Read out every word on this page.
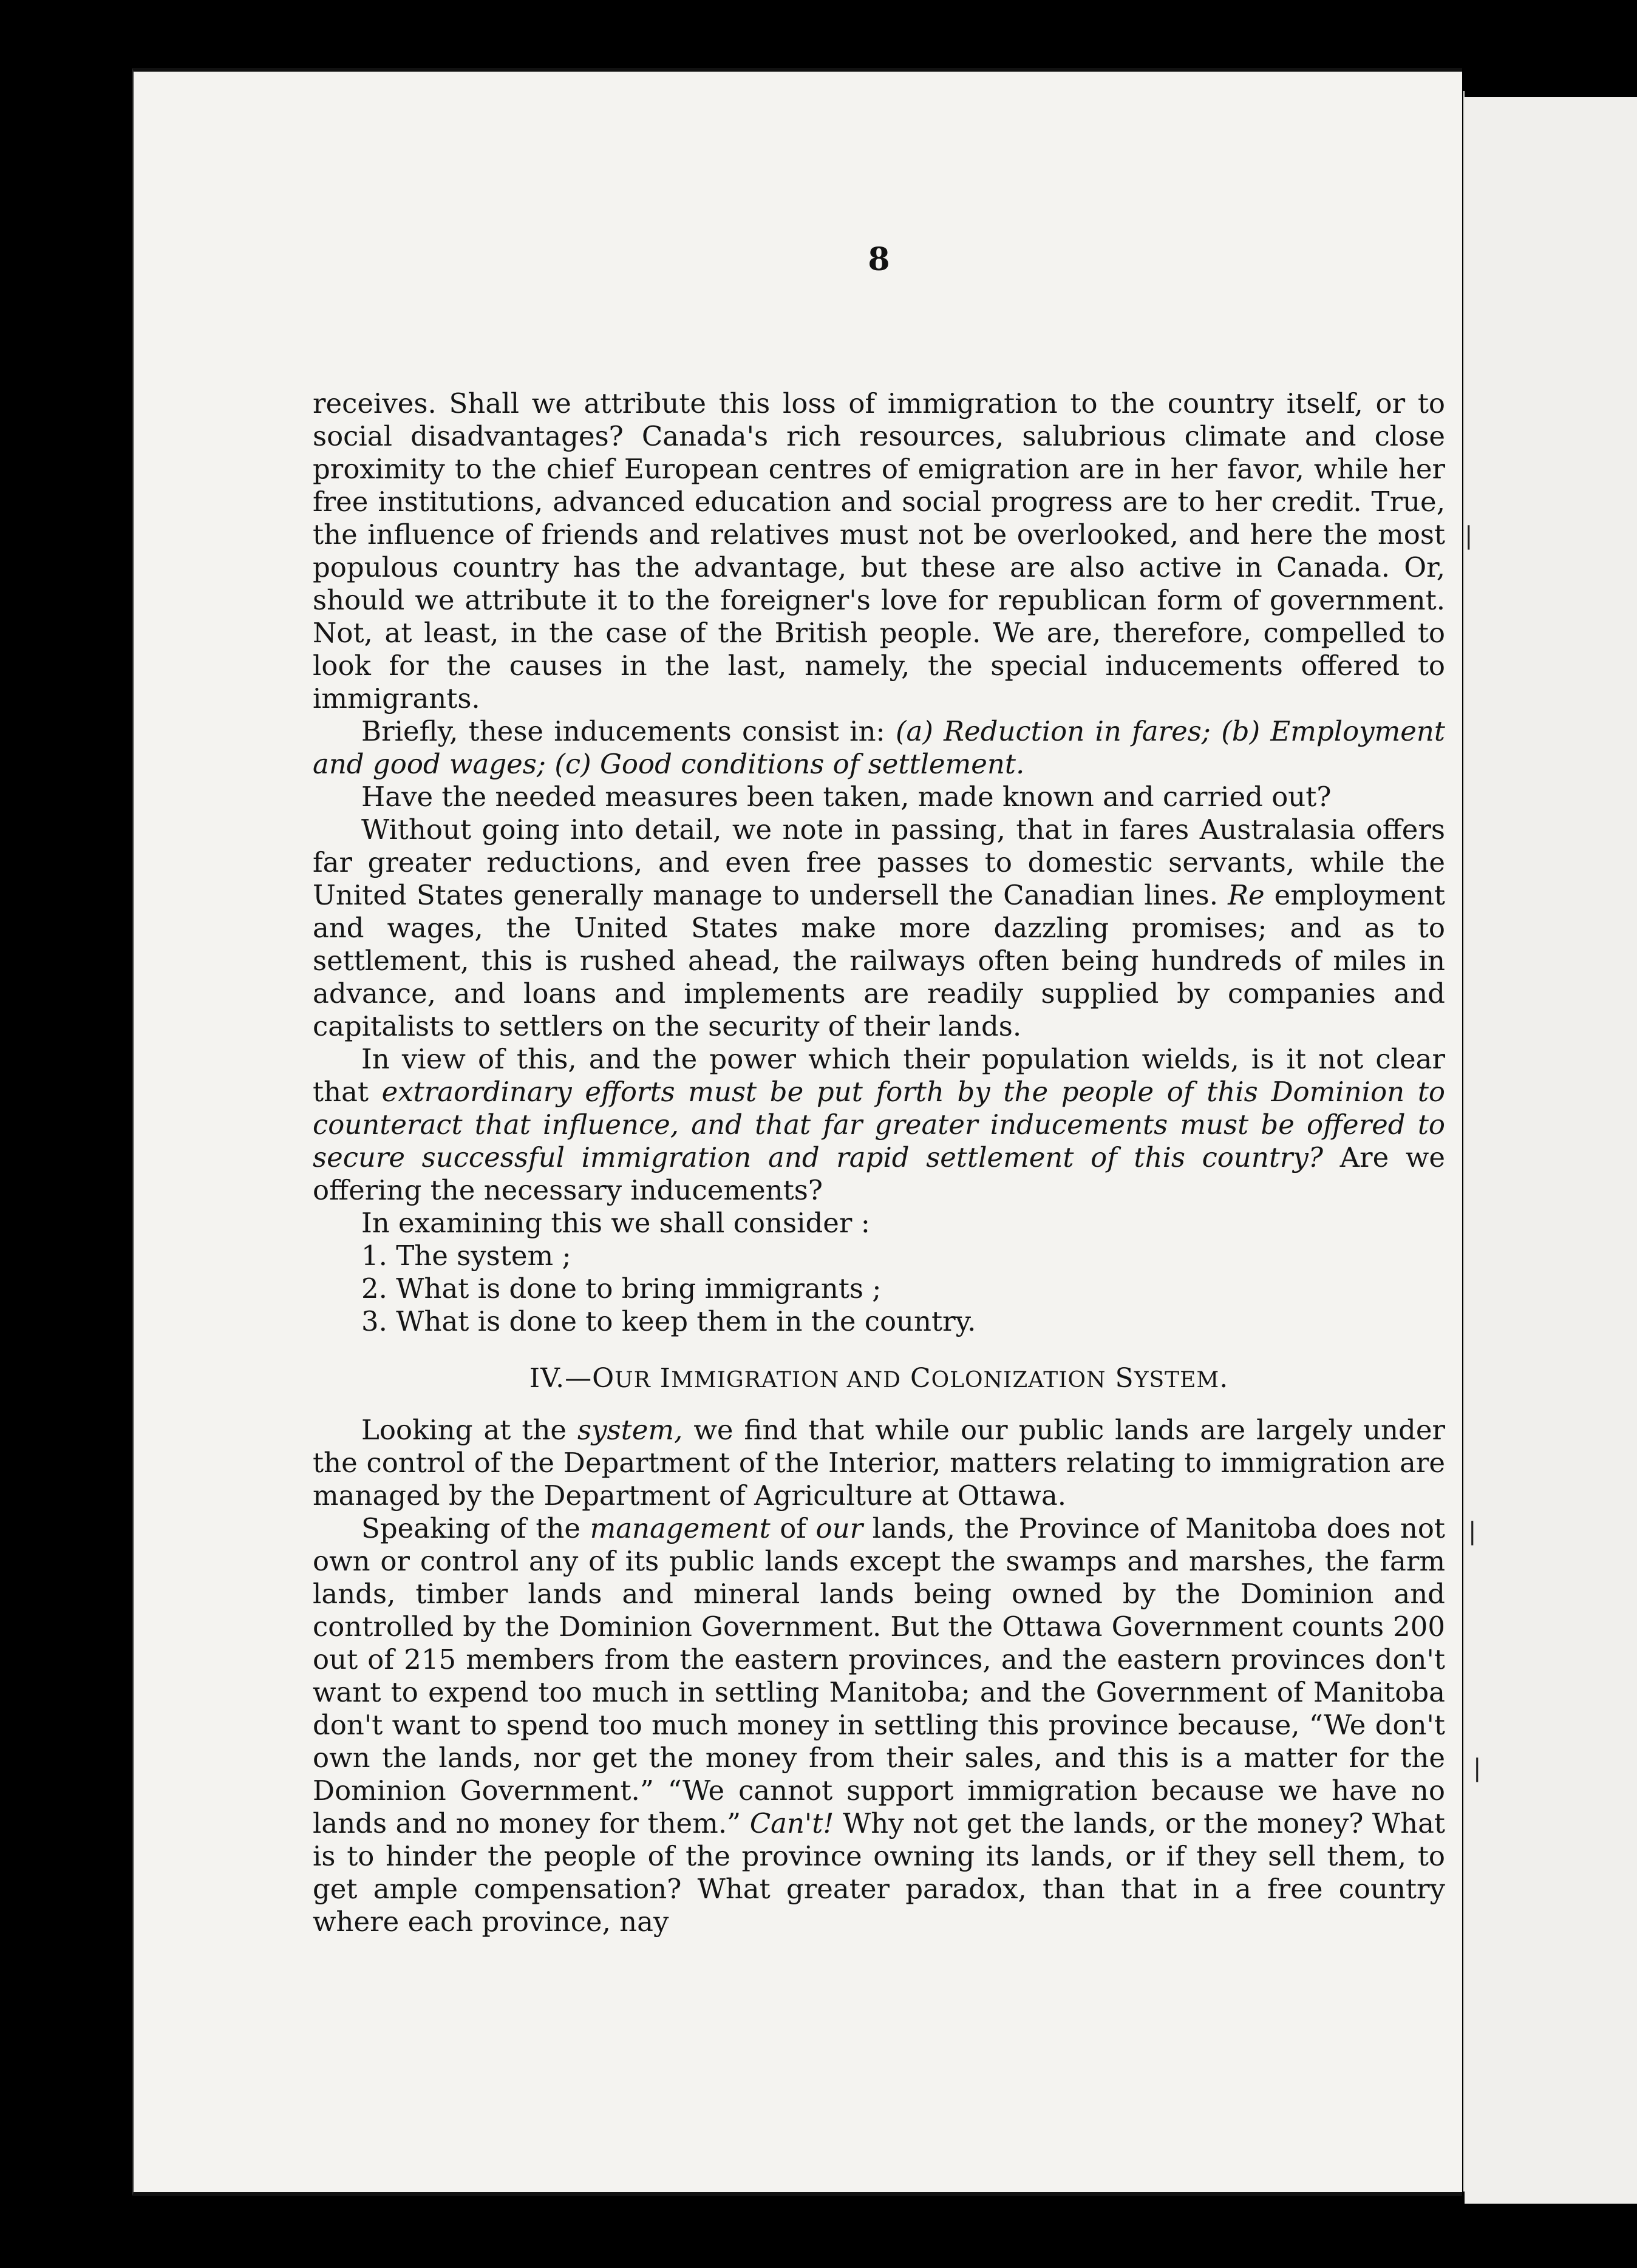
8

receives. Shall we attribute this loss of immigration to the country itself, or to social disadvantages? Canada's rich resources, salubrious climate and close proximity to the chief European centres of emigration are in her favor, while her free institutions, advanced education and social progress are to her credit. True, the influence of friends and relatives must not be overlooked, and here the most populous country has the advantage, but these are also active in Canada. Or, should we attribute it to the foreigner's love for republican form of government. Not, at least, in the case of the British people. We are, therefore, compelled to look for the causes in the last, namely, the special inducements offered to immigrants.

Briefly, these inducements consist in: (a) Reduction in fares; (b) Employment and good wages; (c) Good conditions of settlement.

Have the needed measures been taken, made known and carried out?

Without going into detail, we note in passing, that in fares Australasia offers far greater reductions, and even free passes to domestic servants, while the United States generally manage to undersell the Canadian lines. Re employment and wages, the United States make more dazzling promises; and as to settlement, this is rushed ahead, the railways often being hundreds of miles in advance, and loans and implements are readily supplied by companies and capitalists to settlers on the security of their lands.

In view of this, and the power which their population wields, is it not clear that extraordinary efforts must be put forth by the people of this Dominion to counteract that influence, and that far greater inducements must be offered to secure successful immigration and rapid settlement of this country? Are we offering the necessary inducements?

In examining this we shall consider :

1. The system ;
2. What is done to bring immigrants ;
3. What is done to keep them in the country.
IV.—OUR IMMIGRATION AND COLONIZATION SYSTEM.

Looking at the system, we find that while our public lands are largely under the control of the Department of the Interior, matters relating to immigration are managed by the Department of Agriculture at Ottawa.

Speaking of the management of our lands, the Province of Manitoba does not own or control any of its public lands except the swamps and marshes, the farm lands, timber lands and mineral lands being owned by the Dominion and controlled by the Dominion Government. But the Ottawa Government counts 200 out of 215 members from the eastern provinces, and the eastern provinces don't want to expend too much in settling Manitoba; and the Government of Manitoba don't want to spend too much money in settling this province because, “We don't own the lands, nor get the money from their sales, and this is a matter for the Dominion Government.” “We cannot support immigration because we have no lands and no money for them.” Can't! Why not get the lands, or the money? What is to hinder the people of the province owning its lands, or if they sell them, to get ample compensation? What greater paradox, than that in a free country where each province, nay

|
|
|
